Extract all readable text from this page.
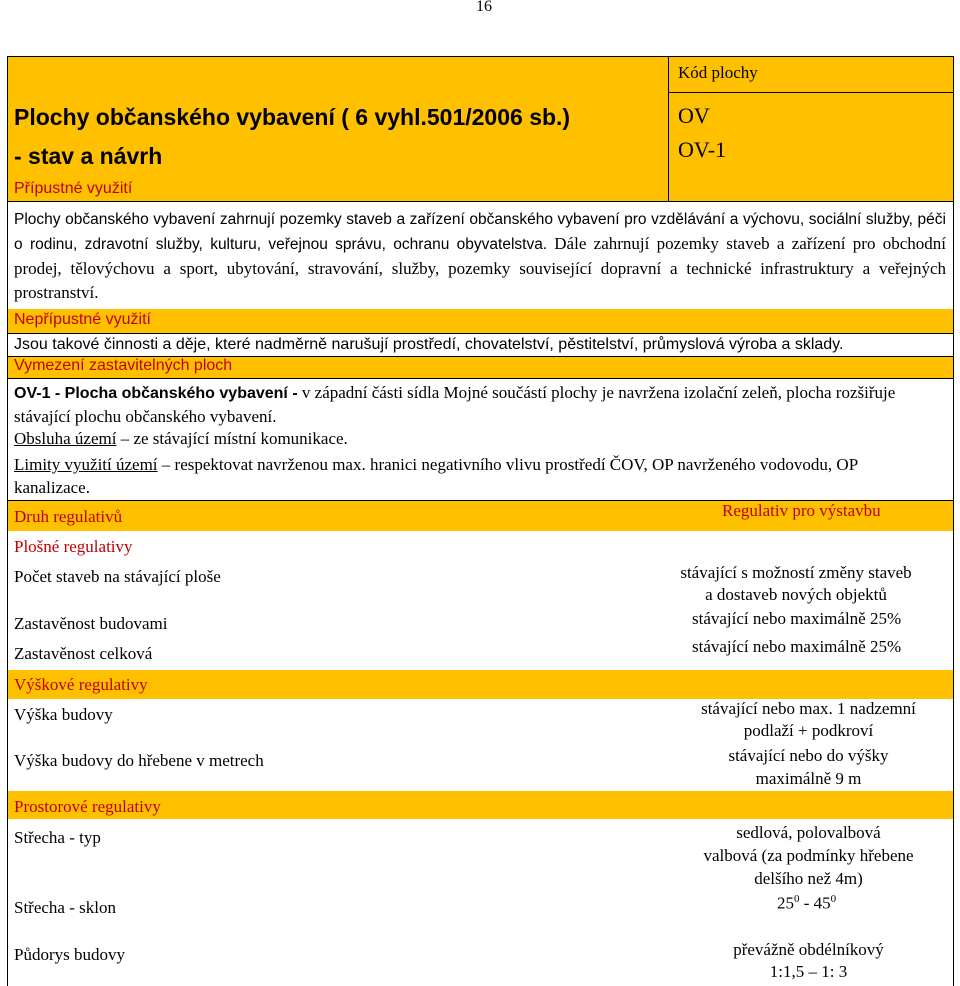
16
Kód plochy
Plochy občanského vybavení ( 6 vyhl.501/2006 sb.)
- stav a návrh
OV
OV-1
Přípustné využití
Plochy občanského vybavení zahrnují pozemky staveb a zařízení občanského vybavení pro vzdělávání a výchovu, sociální služby, péči o rodinu, zdravotní služby, kulturu, veřejnou správu, ochranu obyvatelstva. Dále zahrnují pozemky staveb a zařízení pro obchodní prodej, tělovýchovu a sport, ubytování, stravování, služby, pozemky související dopravní a technické infrastruktury a veřejných prostranství.
Nepřípustné využití
Jsou takové činnosti a děje, které nadměrně narušují prostředí, chovatelství, pěstitelství, průmyslová výroba a sklady.
Vymezení zastavitelných ploch
OV-1 - Plocha občanského vybavení - v západní části sídla Mojné součástí plochy je navržena izolační zeleň, plocha rozšiřuje stávající plochu občanského vybavení.
Obsluha území – ze stávající místní komunikace.
Limity využití území – respektovat navrženou max. hranici negativního vlivu prostředí ČOV, OP navrženého vodovodu, OP kanalizace.
Druh regulativů	Regulativ pro výstavbu
Plošné regulativy
Počet staveb na stávající ploše	stávající s možností změny staveb
a dostaveb nových objektů
Zastavěnost budovami	stávající nebo maximálně 25%
Zastavěnost celková	stávající nebo maximálně 25%
Výškové regulativy
Výška budovy	stávající nebo max. 1 nadzemní
podlaží + podkroví
Výška budovy do hřebene v metrech	stávající nebo do výšky
maximálně 9 m
Prostorové regulativy
Střecha - typ	sedlová, polovalbová
valbová (za podmínky hřebene
delšího než 4m)
Střecha - sklon	$25^0 - 45^0$
Půdorys budovy	převážně obdélníkový
1:1,5 – 1: 3
